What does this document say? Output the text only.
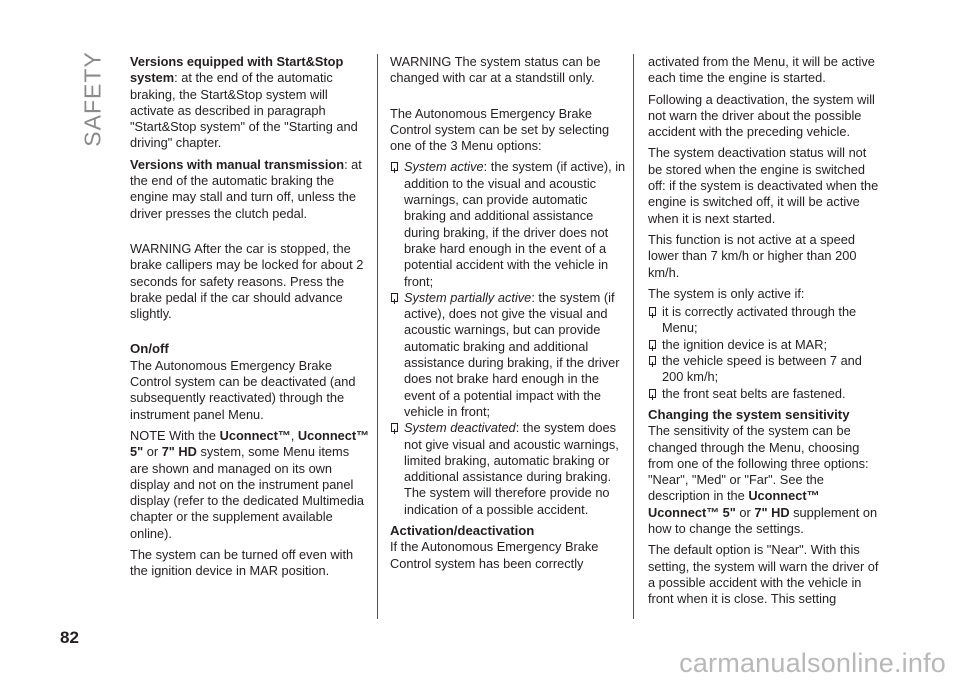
SAFETY Versions equipped with Start&Stop system: at the end of the automatic braking, the Start&Stop system will activate as described in paragraph "Start&Stop system" of the "Starting and driving" chapter.

Versions with manual transmission: at the end of the automatic braking the engine may stall and turn off, unless the driver presses the clutch pedal.

WARNING After the car is stopped, the brake callipers may be locked for about 2 seconds for safety reasons. Press the brake pedal if the car should advance slightly.

On/off

The Autonomous Emergency Brake Control system can be deactivated (and subsequently reactivated) through the instrument panel Menu.

NOTE With the Uconnect™, Uconnect™ 5" or 7" HD system, some Menu items are shown and managed on its own display and not on the instrument panel display (refer to the dedicated Multimedia chapter or the supplement available online).

The system can be turned off even with the ignition device in MAR position.

WARNING The system status can be changed with car at a standstill only.

The Autonomous Emergency Brake Control system can be set by selecting one of the 3 Menu options:

System active: the system (if active), in addition to the visual and acoustic warnings, can provide automatic braking and additional assistance during braking, if the driver does not brake hard enough in the event of a potential accident with the vehicle in front;
System partially active: the system (if active), does not give the visual and acoustic warnings, but can provide automatic braking and additional assistance during braking, if the driver does not brake hard enough in the event of a potential impact with the vehicle in front;
System deactivated: the system does not give visual and acoustic warnings, limited braking, automatic braking or additional assistance during braking. The system will therefore provide no indication of a possible accident.
Activation/deactivation

If the Autonomous Emergency Brake Control system has been correctly

activated from the Menu, it will be active each time the engine is started.

Following a deactivation, the system will not warn the driver about the possible accident with the preceding vehicle.

The system deactivation status will not be stored when the engine is switched off: if the system is deactivated when the engine is switched off, it will be active when it is next started.

This function is not active at a speed lower than 7 km/h or higher than 200 km/h.

The system is only active if:

it is correctly activated through the Menu;
the ignition device is at MAR;
the vehicle speed is between 7 and 200 km/h;
the front seat belts are fastened.
Changing the system sensitivity

The sensitivity of the system can be changed through the Menu, choosing from one of the following three options: "Near", "Med" or "Far". See the description in the Uconnect™ Uconnect™ 5" or 7" HD supplement on how to change the settings.

The default option is "Near". With this setting, the system will warn the driver of a possible accident with the vehicle in front when it is close. This setting

82
carmanualsonline.info
